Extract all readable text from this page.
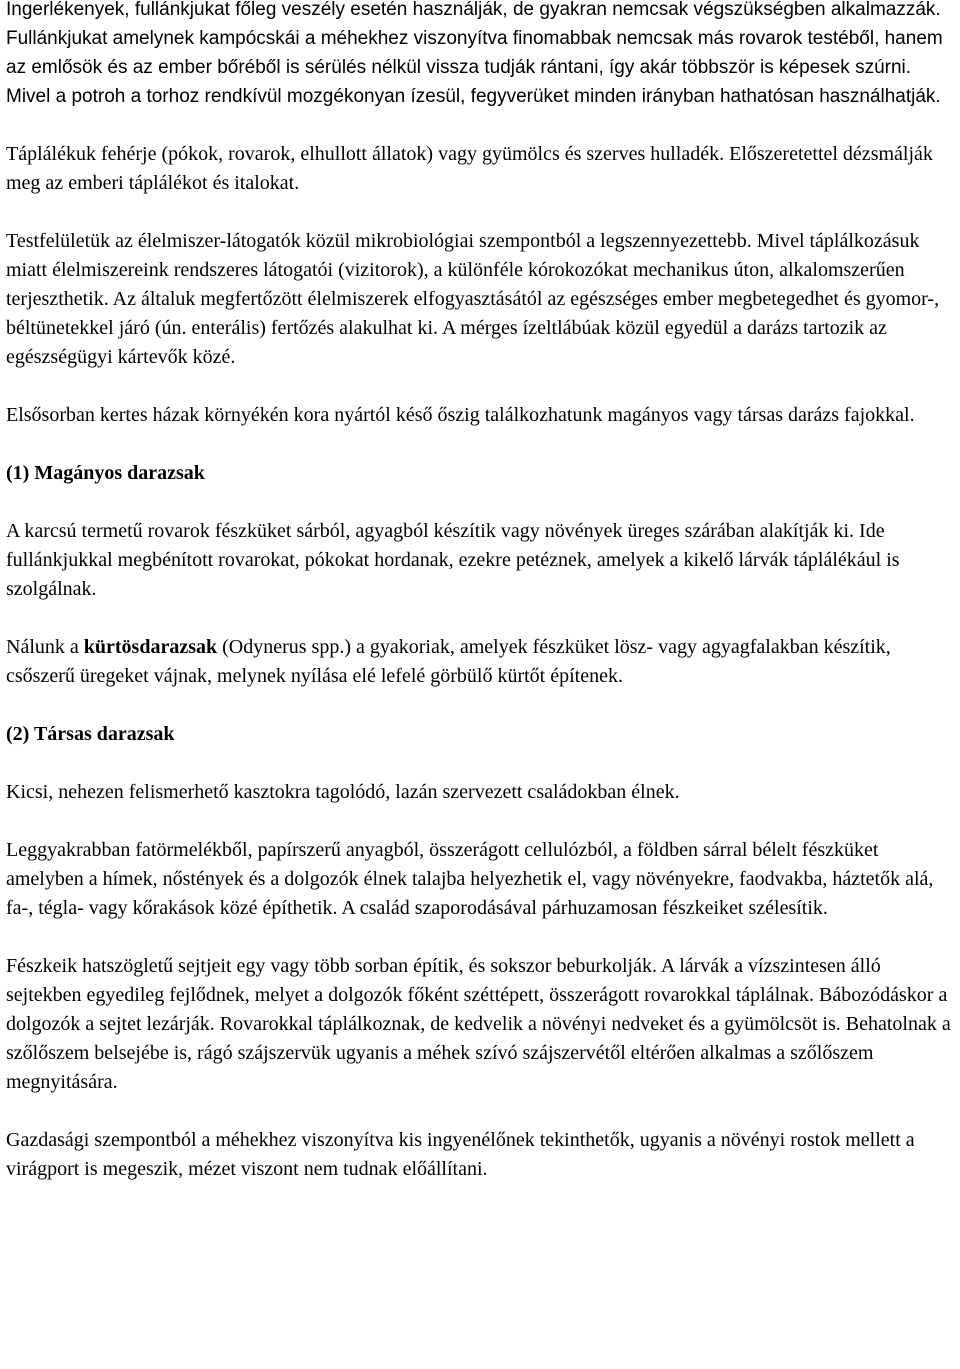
Ingerlékenyek, fullánkjukat főleg veszély esetén használják, de gyakran nemcsak végszükségben alkalmazzák. Fullánkjukat amelynek kampócskái a méhekhez viszonyítva finomabbak nemcsak más rovarok testéből, hanem az emlősök és az ember bőréből is sérülés nélkül vissza tudják rántani, így akár többször is képesek szúrni. Mivel a potroh a torhoz rendkívül mozgékonyan ízesül, fegyverüket minden irányban hathatósan használhatják.

Táplálékuk fehérje (pókok, rovarok, elhullott állatok) vagy gyümölcs és szerves hulladék. Előszeretettel dézsmálják meg az emberi táplálékot és italokat.

Testfelületük az élelmiszer-látogatók közül mikrobiológiai szempontból a legszennyezettebb. Mivel táplálkozásuk miatt élelmiszereink rendszeres látogatói (vizitorok), a különféle kórokozókat mechanikus úton, alkalomszerűen terjeszthetik. Az általuk megfertőzött élelmiszerek elfogyasztásától az egészséges ember megbetegedhet és gyomor-, béltünetekkel járó (ún. enterális) fertőzés alakulhat ki. A mérges ízeltlábúak közül egyedül a darázs tartozik az egészségügyi kártevők közé.

Elsősorban kertes házak környékén kora nyártól késő őszig találkozhatunk magányos vagy társas darázs fajokkal.

(1) Magányos darazsak

A karcsú termetű rovarok fészküket sárból, agyagból készítik vagy növények üreges szárában alakítják ki. Ide fullánkjukkal megbénított rovarokat, pókokat hordanak, ezekre petéznek, amelyek a kikelő lárvák táplálékául is szolgálnak.

Nálunk a kürtösdarazsak (Odynerus spp.) a gyakoriak, amelyek fészküket lösz- vagy agyagfalakban készítik, csőszerű üregeket vájnak, melynek nyílása elé lefelé görbülő kürtőt építenek.

(2) Társas darazsak

Kicsi, nehezen felismerhető kasztokra tagolódó, lazán szervezett családokban élnek.

Leggyakrabban fatörmelékből, papírszerű anyagból, összerágott cellulózból, a földben sárral bélelt fészküket amelyben a hímek, nőstények és a dolgozók élnek talajba helyezhetik el, vagy növényekre, faodvakba, háztetők alá, fa-, tégla- vagy kőrakások közé építhetik. A család szaporodásával párhuzamosan fészkeiket szélesítik.

Fészkeik hatszögletű sejtjeit egy vagy több sorban építik, és sokszor beburkolják. A lárvák a vízszintesen álló sejtekben egyedileg fejlődnek, melyet a dolgozók főként széttépett, összerágott rovarokkal táplálnak. Bábozódáskor a dolgozók a sejtet lezárják. Rovarokkal táplálkoznak, de kedvelik a növényi nedveket és a gyümölcsöt is. Behatolnak a szőlőszem belsejébe is, rágó szájszervük ugyanis a méhek szívó szájszervétől eltérően alkalmas a szőlőszem megnyitására.

Gazdasági szempontból a méhekhez viszonyítva kis ingyenélőnek tekinthetők, ugyanis a növényi rostok mellett a virágport is megeszik, mézet viszont nem tudnak előállítani.
